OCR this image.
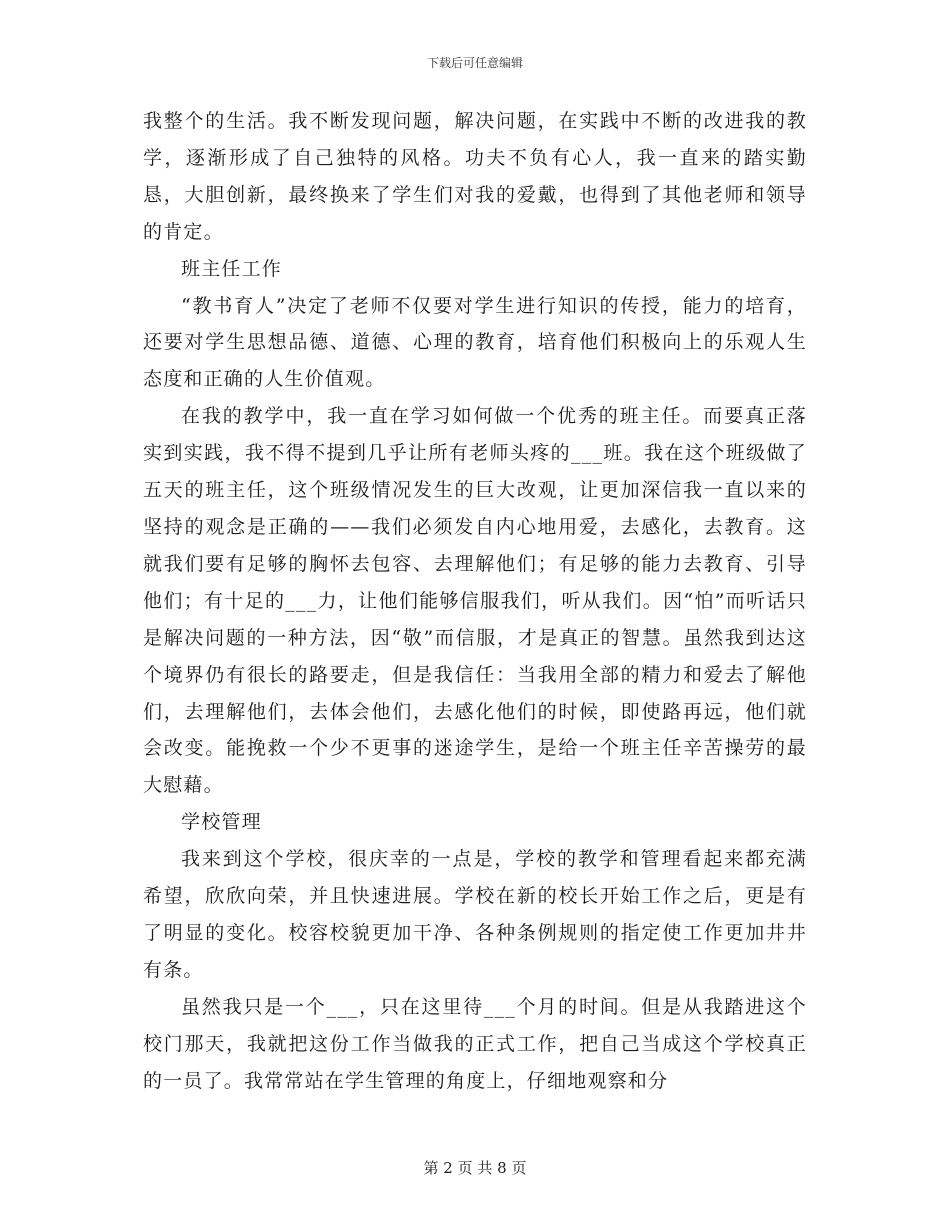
下载后可任意编辑

我整个的生活。我不断发现问题，解决问题，在实践中不断的改进我的教学，逐渐形成了自己独特的风格。功夫不负有心人，我一直来的踏实勤恳，大胆创新，最终换来了学生们对我的爱戴，也得到了其他老师和领导的肯定。

班主任工作

“教书育人”决定了老师不仅要对学生进行知识的传授，能力的培育，还要对学生思想品德、道德、心理的教育，培育他们积极向上的乐观人生态度和正确的人生价值观。

在我的教学中，我一直在学习如何做一个优秀的班主任。而要真正落实到实践，我不得不提到几乎让所有老师头疼的___班。我在这个班级做了五天的班主任，这个班级情况发生的巨大改观，让更加深信我一直以来的坚持的观念是正确的——我们必须发自内心地用爱，去感化，去教育。这就我们要有足够的胸怀去包容、去理解他们；有足够的能力去教育、引导他们；有十足的___力，让他们能够信服我们，听从我们。因“怕”而听话只是解决问题的一种方法，因“敬”而信服，才是真正的智慧。虽然我到达这个境界仍有很长的路要走，但是我信任：当我用全部的精力和爱去了解他们，去理解他们，去体会他们，去感化他们的时候，即使路再远，他们就会改变。能挽救一个少不更事的迷途学生，是给一个班主任辛苦操劳的最大慰藉。

学校管理

我来到这个学校，很庆幸的一点是，学校的教学和管理看起来都充满希望，欣欣向荣，并且快速进展。学校在新的校长开始工作之后，更是有了明显的变化。校容校貌更加干净、各种条例规则的指定使工作更加井井有条。

虽然我只是一个___，只在这里待___个月的时间。但是从我踏进这个校门那天，我就把这份工作当做我的正式工作，把自己当成这个学校真正的一员了。我常常站在学生管理的角度上，仔细地观察和分

第 2 页 共 8 页
